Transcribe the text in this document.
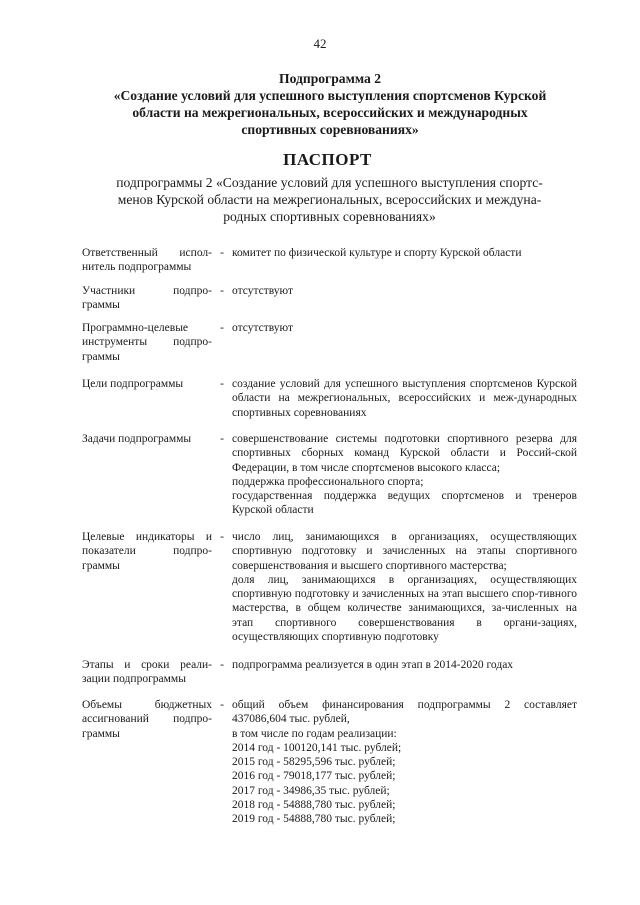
42
Подпрограмма 2
«Создание условий для успешного выступления спортсменов Курской
области на межрегиональных, всероссийских и международных
спортивных соревнованиях»
ПАСПОРТ
подпрограммы 2 «Создание условий для успешного выступления спортс-
менов Курской области на межрегиональных, всероссийских и междуна-
родных спортивных соревнованиях»
Ответственный испол-нитель подпрограммы
- комитет по физической культуре и спорту Курской области
Участники подпро-граммы
- отсутствуют
Программно-целевые инструменты подпро-граммы
- отсутствуют
Цели подпрограммы	- создание условий для успешного выступления спортсменов Курской области на межрегиональных, всероссийских и меж-дународных спортивных соревнованиях
Задачи подпрограммы	- совершенствование системы подготовки спортивного резерва для спортивных сборных команд Курской области и Россий-ской Федерации, в том числе спортсменов высокого класса;
поддержка профессионального спорта;
государственная поддержка ведущих спортсменов и тренеров Курской области
Целевые индикаторы и показатели подпро-граммы
- число лиц, занимающихся в организациях, осуществляющих спортивную подготовку и зачисленных на этапы спортивного совершенствования и высшего спортивного мастерства;
доля лиц, занимающихся в организациях, осуществляющих спортивную подготовку и зачисленных на этап высшего спор-тивного мастерства, в общем количестве занимающихся, за-численных на этап спортивного совершенствования в органи-зациях, осуществляющих спортивную подготовку
Этапы и сроки реали-зации подпрограммы
- подпрограмма реализуется в один этап в 2014-2020 годах
Объемы бюджетных ассигнований подпро-граммы
- общий объем финансирования подпрограммы 2 составляет 437086,604 тыс. рублей,
в том числе по годам реализации:
2014 год - 100120,141 тыс. рублей;
2015 год - 58295,596 тыс. рублей;
2016 год - 79018,177 тыс. рублей;
2017 год - 34986,35 тыс. рублей;
2018 год - 54888,780 тыс. рублей;
2019 год - 54888,780 тыс. рублей;
